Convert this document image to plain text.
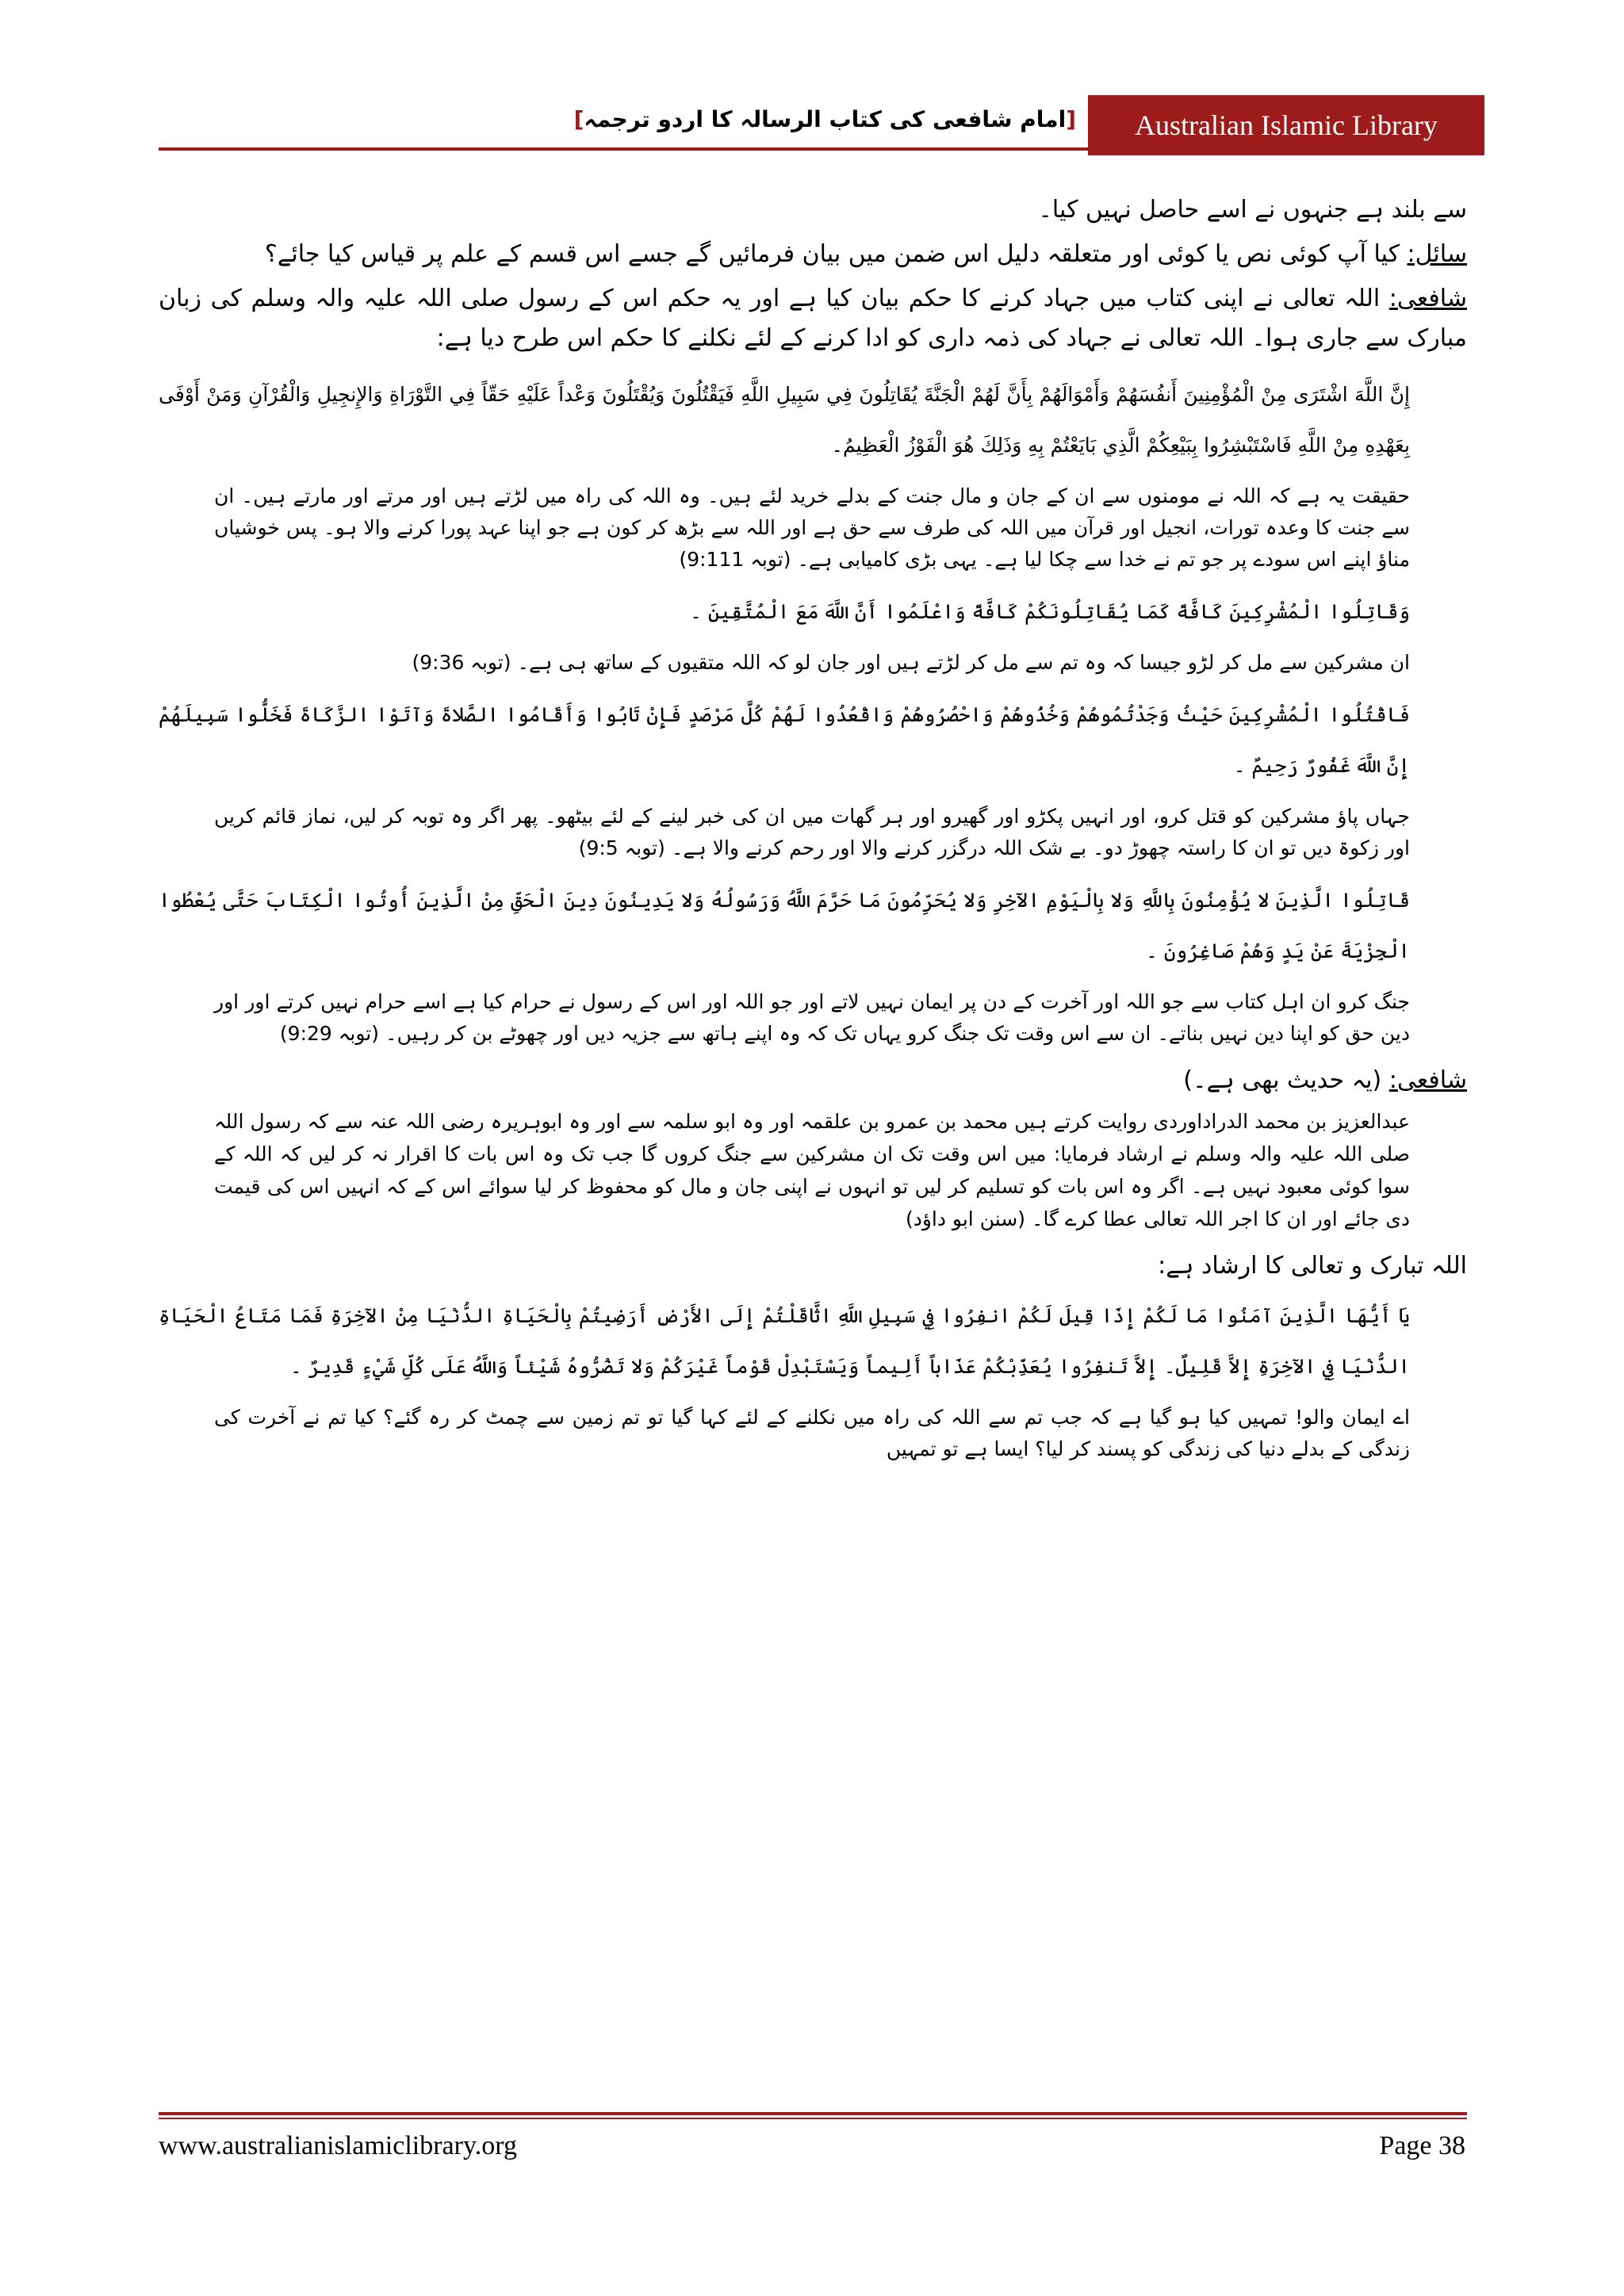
Australian Islamic Library
[امام شافعی کی کتاب الرسالہ کا اردو ترجمہ]

سے بلند ہے جنہوں نے اسے حاصل نہیں کیا۔

سائل: کیا آپ کوئی نص یا کوئی اور متعلقہ دلیل اس ضمن میں بیان فرمائیں گے جسے اس قسم کے علم پر قیاس کیا جائے؟

شافعی: اللہ تعالی نے اپنی کتاب میں جہاد کرنے کا حکم بیان کیا ہے اور یہ حکم اس کے رسول صلی اللہ علیہ والہ وسلم کی زبان مبارک سے جاری ہوا۔ اللہ تعالی نے جہاد کی ذمہ داری کو ادا کرنے کے لئے نکلنے کا حکم اس طرح دیا ہے:

إِنَّ اللَّهَ اشْتَرَى مِنْ الْمُؤْمِنِينَ أَنفُسَهُمْ وَأَمْوَالَهُمْ بِأَنَّ لَهُمْ الْجَنَّةَ يُقَاتِلُونَ فِي سَبِيلِ اللَّهِ فَيَقْتُلُونَ وَيُقْتَلُونَ وَعْداً عَلَيْهِ حَقّاً فِي التَّوْرَاةِ وَالإِنجِيلِ وَالْقُرْآنِ وَمَنْ أَوْفَى بِعَهْدِهِ مِنْ اللَّهِ فَاسْتَبْشِرُوا بِبَيْعِكُمْ الَّذِي بَايَعْتُمْ بِهِ وَذَلِكَ هُوَ الْفَوْزُ الْعَظِيمُ۔

حقیقت یہ ہے کہ اللہ نے مومنوں سے ان کے جان و مال جنت کے بدلے خرید لئے ہیں۔ وہ اللہ کی راہ میں لڑتے ہیں اور مرتے اور مارتے ہیں۔ ان سے جنت کا وعدہ تورات، انجیل اور قرآن میں اللہ کی طرف سے حق ہے اور اللہ سے بڑھ کر کون ہے جو اپنا عہد پورا کرنے والا ہو۔ پس خوشیاں مناؤ اپنے اس سودے پر جو تم نے خدا سے چکا لیا ہے۔ یہی بڑی کامیابی ہے۔ (توبہ 9:111)

وَقَاتِلُوا الْمُشْرِكِينَ كَافَّةً كَمَا يُقَاتِلُونَكُمْ كَافَّةً وَاعْلَمُوا أَنَّ اللَّهَ مَعَ الْمُتَّقِينَ ۔

ان مشرکین سے مل کر لڑو جیسا کہ وہ تم سے مل کر لڑتے ہیں اور جان لو کہ اللہ متقیوں کے ساتھ ہی ہے۔ (توبہ 9:36)

فَاقْتُلُوا الْمُشْرِكِينَ حَيْثُ وَجَدْتُمُوهُمْ وَخُذُوهُمْ وَاحْصُرُوهُمْ وَاقْعُدُوا لَهُمْ كُلَّ مَرْصَدٍ فَإِنْ تَابُوا وَأَقَامُوا الصَّلاةَ وَآتَوْا الزَّكَاةَ فَخَلُّوا سَبِيلَهُمْ إِنَّ اللَّهَ غَفُورٌ رَحِيمٌ ۔

جہاں پاؤ مشرکین کو قتل کرو، اور انہیں پکڑو اور گھیرو اور ہر گھات میں ان کی خبر لینے کے لئے بیٹھو۔ پھر اگر وہ توبہ کر لیں، نماز قائم کریں اور زکوۃ دیں تو ان کا راستہ چھوڑ دو۔ بے شک اللہ درگزر کرنے والا اور رحم کرنے والا ہے۔ (توبہ 9:5)

قَاتِلُوا الَّذِينَ لا يُؤْمِنُونَ بِاللَّهِ وَلا بِالْيَوْمِ الآخِرِ وَلا يُحَرِّمُونَ مَا حَرَّمَ اللَّهُ وَرَسُولُهُ وَلا يَدِينُونَ دِينَ الْحَقِّ مِنْ الَّذِينَ أُوتُوا الْكِتَابَ حَتَّى يُعْطُوا الْجِزْيَةَ عَنْ يَدٍ وَهُمْ صَاغِرُونَ ۔

جنگ کرو ان اہل کتاب سے جو اللہ اور آخرت کے دن پر ایمان نہیں لاتے اور جو اللہ اور اس کے رسول نے حرام کیا ہے اسے حرام نہیں کرتے اور اور دین حق کو اپنا دین نہیں بناتے۔ ان سے اس وقت تک جنگ کرو یہاں تک کہ وہ اپنے ہاتھ سے جزیہ دیں اور چھوٹے بن کر رہیں۔ (توبہ 9:29)

شافعی: (یہ حدیث بھی ہے۔)

عبدالعزیز بن محمد الدراداوردی روایت کرتے ہیں محمد بن عمرو بن علقمہ اور وہ ابو سلمہ سے اور وہ ابوہریرہ رضی اللہ عنہ سے کہ رسول اللہ صلی اللہ علیہ والہ وسلم نے ارشاد فرمایا: میں اس وقت تک ان مشرکین سے جنگ کروں گا جب تک وہ اس بات کا اقرار نہ کر لیں کہ اللہ کے سوا کوئی معبود نہیں ہے۔ اگر وہ اس بات کو تسلیم کر لیں تو انہوں نے اپنی جان و مال کو محفوظ کر لیا سوائے اس کے کہ انہیں اس کی قیمت دی جائے اور ان کا اجر اللہ تعالی عطا کرے گا۔ (سنن ابو داؤد)

اللہ تبارک و تعالی کا ارشاد ہے:

يَا أَيُّهَا الَّذِينَ آمَنُوا مَا لَكُمْ إِذَا قِيلَ لَكُمْ انفِرُوا فِي سَبِيلِ اللَّهِ اثَّاقَلْتُمْ إِلَى الأَرْضِ أَرَضِيتُمْ بِالْحَيَاةِ الدُّنْيَا مِنْ الآخِرَةِ فَمَا مَتَاعُ الْحَيَاةِ الدُّنْيَا فِي الآخِرَةِ إِلاَّ قَلِيلٌ۔ إِلاَّ تَنفِرُوا يُعَذِّبْكُمْ عَذَاباً أَلِيماً وَيَسْتَبْدِلْ قَوْماً غَيْرَكُمْ وَلا تَضُرُّوهُ شَيْئاً وَاللَّهُ عَلَى كُلِّ شَيْءٍ قَدِيرٌ ۔

اے ایمان والو! تمہیں کیا ہو گیا ہے کہ جب تم سے اللہ کی راہ میں نکلنے کے لئے کہا گیا تو تم زمین سے چمٹ کر رہ گئے؟ کیا تم نے آخرت کی زندگی کے بدلے دنیا کی زندگی کو پسند کر لیا؟ ایسا ہے تو تمہیں

www.australianislamiclibrary.org	Page 38
